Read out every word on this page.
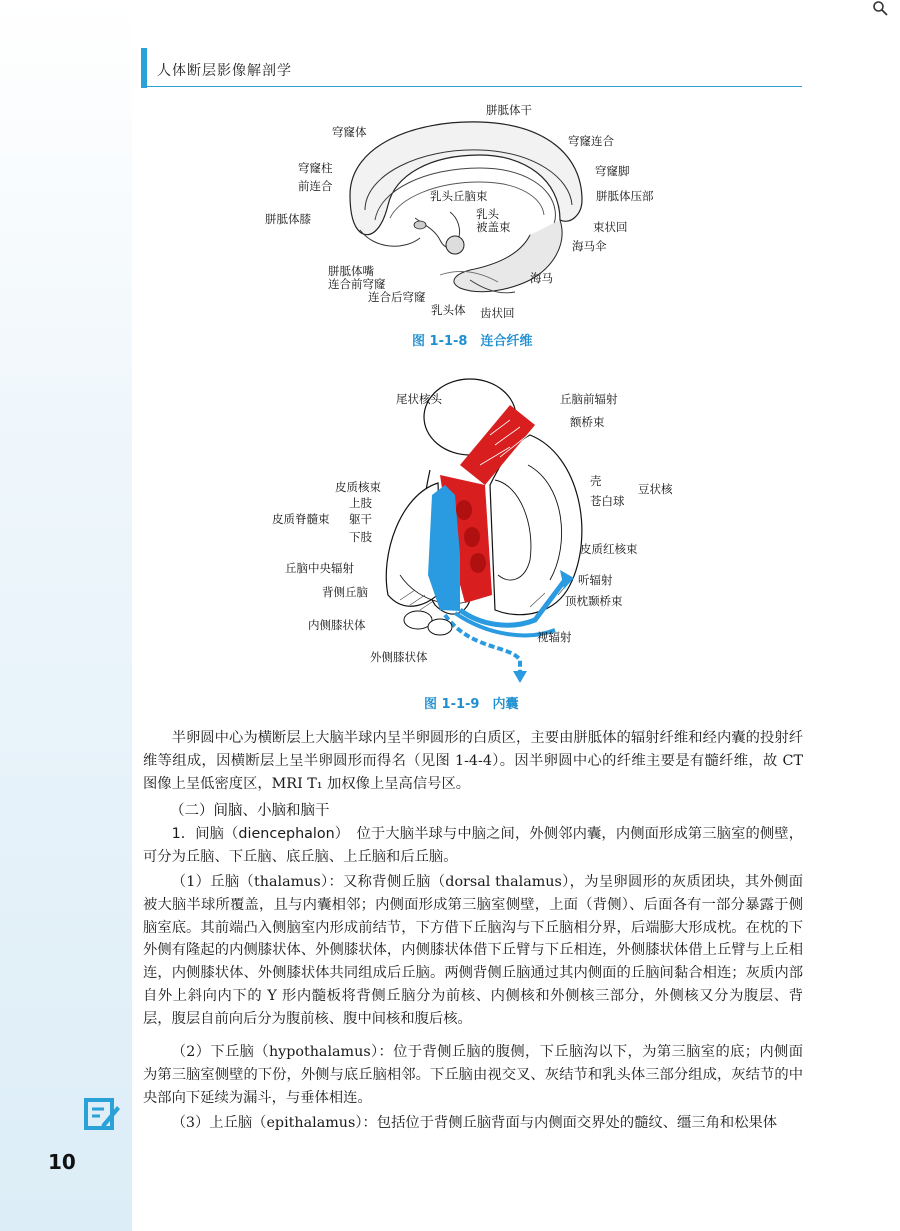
人体断层影像解剖学
胼胝体干
穹窿体
穹窿连合
穹窿脚
穹窿柱
前连合
乳头丘脑束	胼胝体压部
胼胝体膝	乳头
被盖束	束状回
海马伞
胼胝体嘴
连合前穹窿	海马
连合后穹窿
乳头体 齿状回
图 1-1-8　连合纤维
尾状核头	丘脑前辐射
额桥束
壳
豆状核
苍白球
皮质核束
上肢
躯干
皮质脊髓束
下肢
皮质红核束
丘脑中央辐射
听辐射
背侧丘脑
顶枕颞桥束
内侧膝状体
视辐射
外侧膝状体
图 1-1-9　内囊

半卵圆中心为横断层上大脑半球内呈半卵圆形的白质区，主要由胼胝体的辐射纤维和经内囊的投射纤维等组成，因横断层上呈半卵圆形而得名（见图 1-4-4）。因半卵圆中心的纤维主要是有髓纤维，故 CT 图像上呈低密度区，MRI T₁ 加权像上呈高信号区。

（二）间脑、小脑和脑干

1．间脑（diencephalon）　 位于大脑半球与中脑之间，外侧邻内囊，内侧面形成第三脑室的侧壁，可分为丘脑、下丘脑、底丘脑、上丘脑和后丘脑。

（1）丘脑（thalamus）：又称背侧丘脑（dorsal thalamus），为呈卵圆形的灰质团块，其外侧面被大脑半球所覆盖，且与内囊相邻；内侧面形成第三脑室侧壁，上面（背侧）、后面各有一部分暴露于侧脑室底。其前端凸入侧脑室内形成前结节，下方借下丘脑沟与下丘脑相分界，后端膨大形成枕。在枕的下外侧有隆起的内侧膝状体、外侧膝状体，内侧膝状体借下丘臂与下丘相连，外侧膝状体借上丘臂与上丘相连，内侧膝状体、外侧膝状体共同组成后丘脑。两侧背侧丘脑通过其内侧面的丘脑间黏合相连；灰质内部自外上斜向内下的 Y 形内髓板将背侧丘脑分为前核、内侧核和外侧核三部分，外侧核又分为腹层、背层，腹层自前向后分为腹前核、腹中间核和腹后核。

（2）下丘脑（hypothalamus）：位于背侧丘脑的腹侧，下丘脑沟以下，为第三脑室的底；内侧面为第三脑室侧壁的下份，外侧与底丘脑相邻。下丘脑由视交叉、灰结节和乳头体三部分组成，灰结节的中央部向下延续为漏斗，与垂体相连。

（3）上丘脑（epithalamus）：包括位于背侧丘脑背面与内侧面交界处的髓纹、缰三角和松果体

10
